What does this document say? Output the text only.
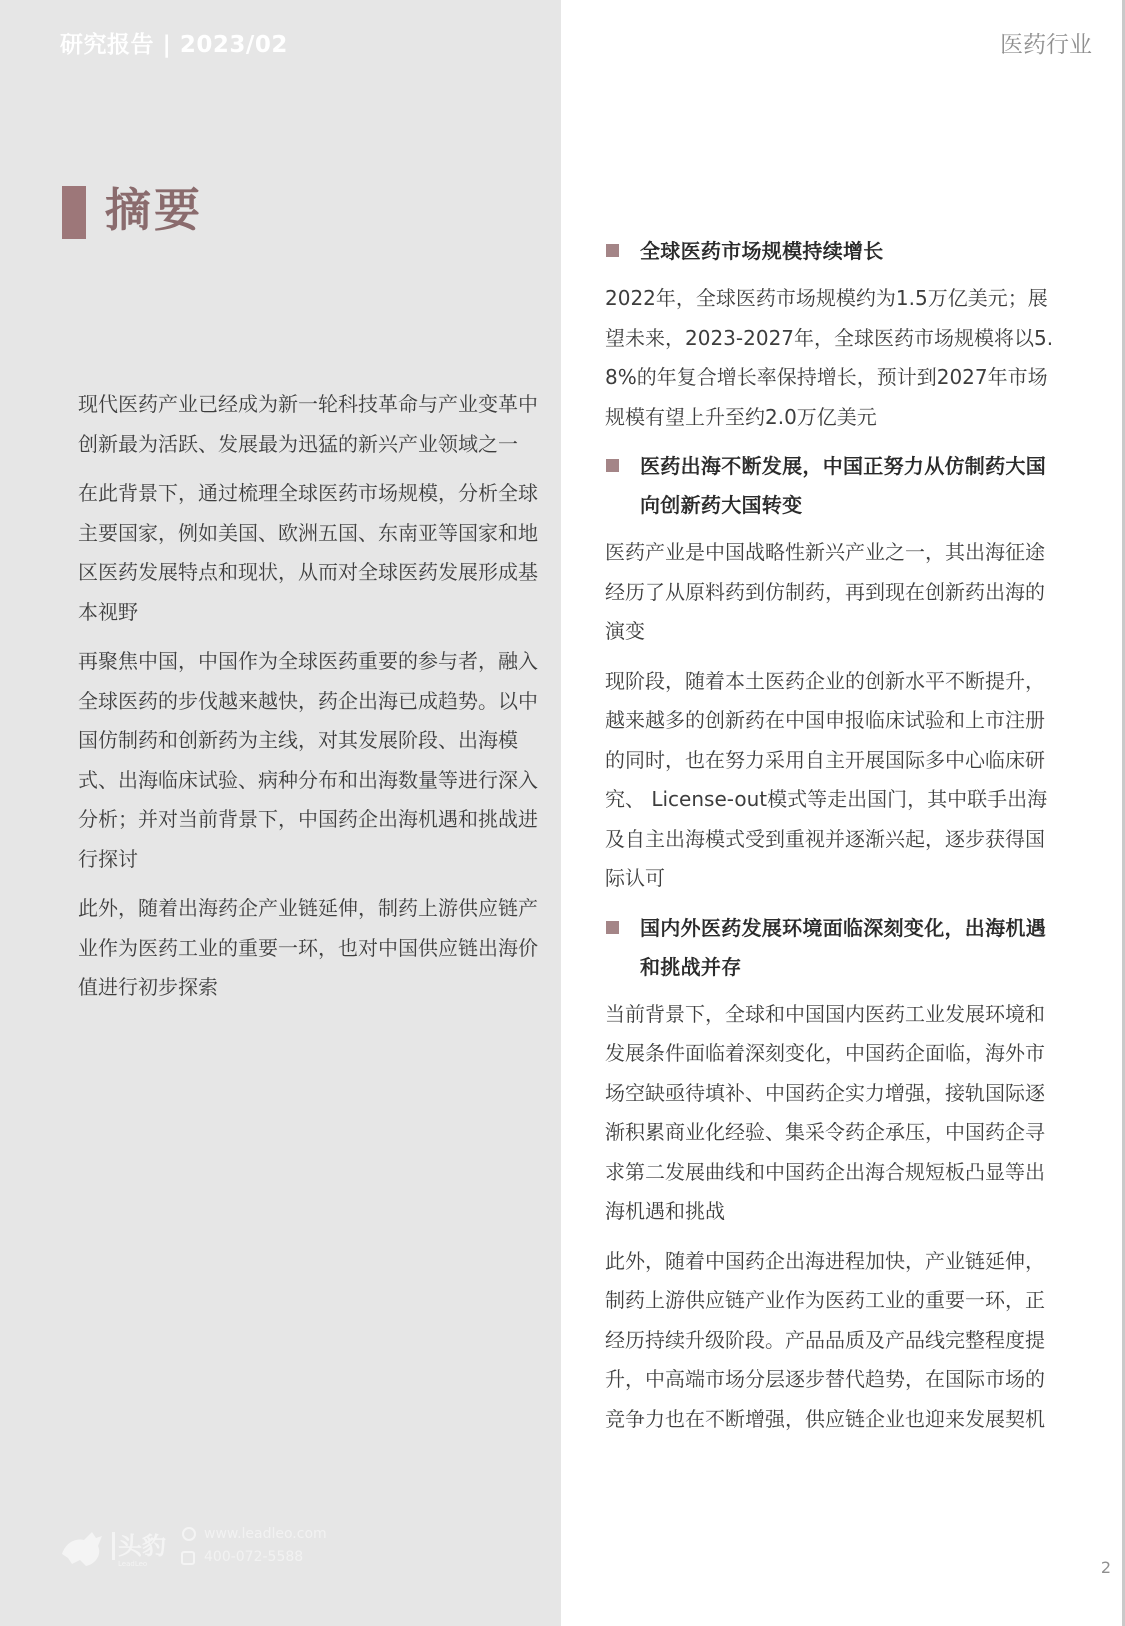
研究报告 | 2023/02	医药行业
摘要

现代医药产业已经成为新一轮科技革命与产业变革中创新最为活跃、发展最为迅猛的新兴产业领域之一

在此背景下，通过梳理全球医药市场规模，分析全球主要国家，例如美国、欧洲五国、东南亚等国家和地区医药发展特点和现状，从而对全球医药发展形成基本视野

再聚焦中国，中国作为全球医药重要的参与者，融入全球医药的步伐越来越快，药企出海已成趋势。以中国仿制药和创新药为主线，对其发展阶段、出海模式、出海临床试验、病种分布和出海数量等进行深入分析；并对当前背景下，中国药企出海机遇和挑战进行探讨

此外，随着出海药企产业链延伸，制药上游供应链产业作为医药工业的重要一环，也对中国供应链出海价值进行初步探索

全球医药市场规模持续增长

2022年，全球医药市场规模约为1.5万亿美元；展望未来，2023-2027年，全球医药市场规模将以5.8%的年复合增长率保持增长，预计到2027年市场规模有望上升至约2.0万亿美元

医药出海不断发展，中国正努力从仿制药大国向创新药大国转变

医药产业是中国战略性新兴产业之一，其出海征途经历了从原料药到仿制药，再到现在创新药出海的演变

现阶段，随着本土医药企业的创新水平不断提升，越来越多的创新药在中国申报临床试验和上市注册的同时，也在努力采用自主开展国际多中心临床研究、 License-out模式等走出国门，其中联手出海及自主出海模式受到重视并逐渐兴起，逐步获得国际认可

国内外医药发展环境面临深刻变化，出海机遇和挑战并存

当前背景下，全球和中国国内医药工业发展环境和发展条件面临着深刻变化，中国药企面临，海外市场空缺亟待填补、中国药企实力增强，接轨国际逐渐积累商业化经验、集采令药企承压，中国药企寻求第二发展曲线和中国药企出海合规短板凸显等出海机遇和挑战

此外，随着中国药企出海进程加快，产业链延伸，制药上游供应链产业作为医药工业的重要一环，正经历持续升级阶段。产品品质及产品线完整程度提升，中高端市场分层逐步替代趋势，在国际市场的竞争力也在不断增强，供应链企业也迎来发展契机

头豹
LeadLeo
www.leadleo.com
400-072-5588
2
